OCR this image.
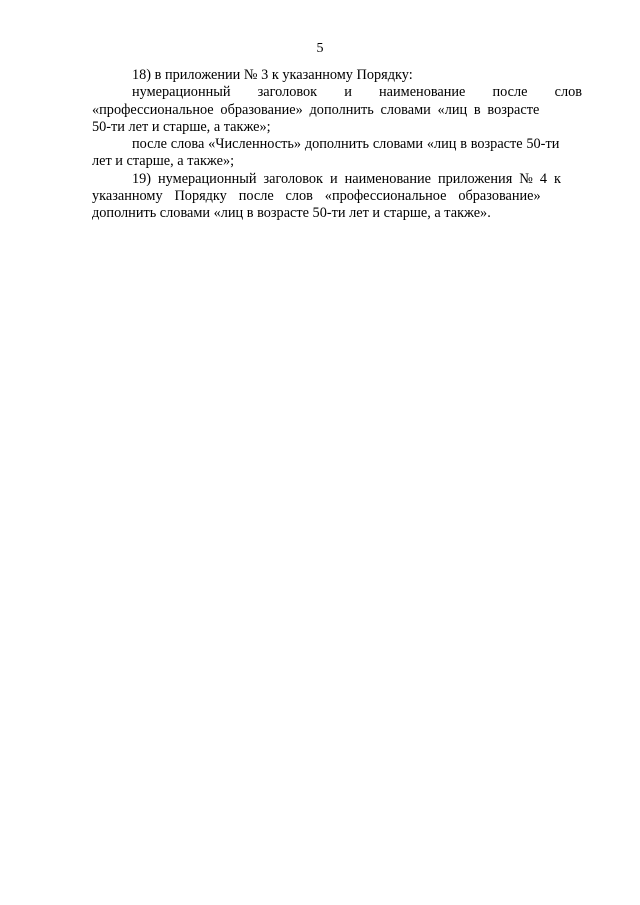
5
18) в приложении № 3 к указанному Порядку:
нумерационный заголовок и наименование после слов
«профессиональное образование» дополнить словами «лиц в возрасте
50-ти лет и старше, а также»;
после слова «Численность» дополнить словами «лиц в возрасте 50-ти
лет и старше, а также»;
19) нумерационный заголовок и наименование приложения № 4 к
указанному Порядку после слов «профессиональное образование»
дополнить словами «лиц в возрасте 50-ти лет и старше, а также».
